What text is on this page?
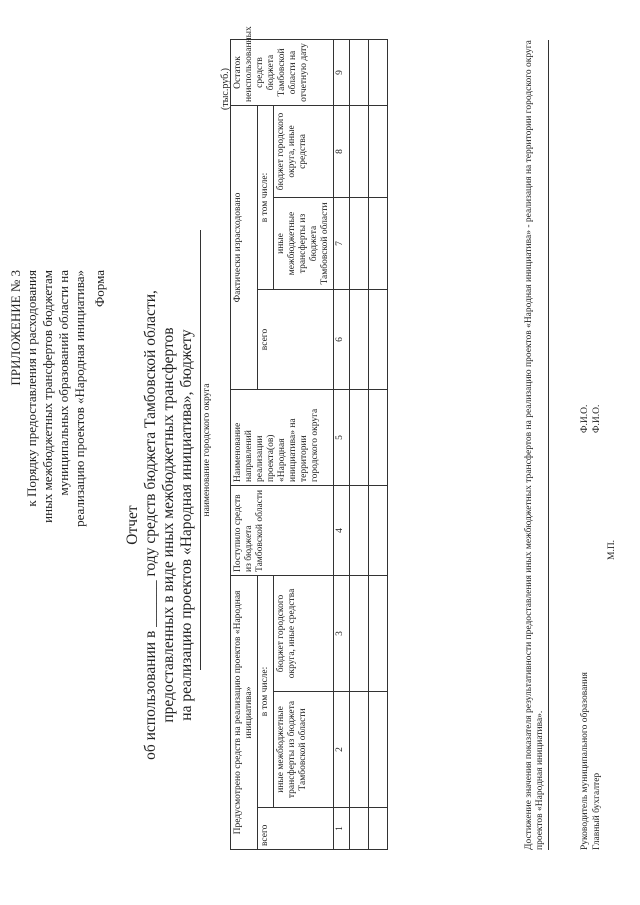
ПРИЛОЖЕНИЕ № 3 к Порядку предоставления и расходования иных межбюджетных трансфертов бюджетам муниципальных образований области на реализацию проектов «Народная инициатива» Форма
Отчет об использовании в ______ году средств бюджета Тамбовской области, предоставленных в виде иных межбюджетных трансфертов на реализацию проектов «Народная инициатива», бюджету наименование городского округа
(тыс.руб.)
Предусмотрено средств на реализацию проектов «Народная инициатива»			Поступило средств из бюджета Тамбовской области	Наименование направлений реализации проекта(ов) «Народная инициатива» на территории городского округа	Фактически израсходовано			Остаток неиспользованных средств бюджета Тамбовской области на отчетную дату
всего	в том числе:				всего	в том числе:		
	иные межбюджетные трансферты из бюджета Тамбовской области	бюджет городского округа, иные средства				иные межбюджетные трансферты из бюджета Тамбовской области	бюджет городского округа, иные средства	
1	2	3	4	5	6	7	8	9

									Достижение значения показателя результативности предоставления иных межбюджетных трансфертов на реализацию проектов «Народная инициатива» - реализация на территории городского округа проектов «Народная инициатива».	Руководитель муниципального образования Главный бухгалтер
Ф.И.О. Ф.И.О.
М.П.
